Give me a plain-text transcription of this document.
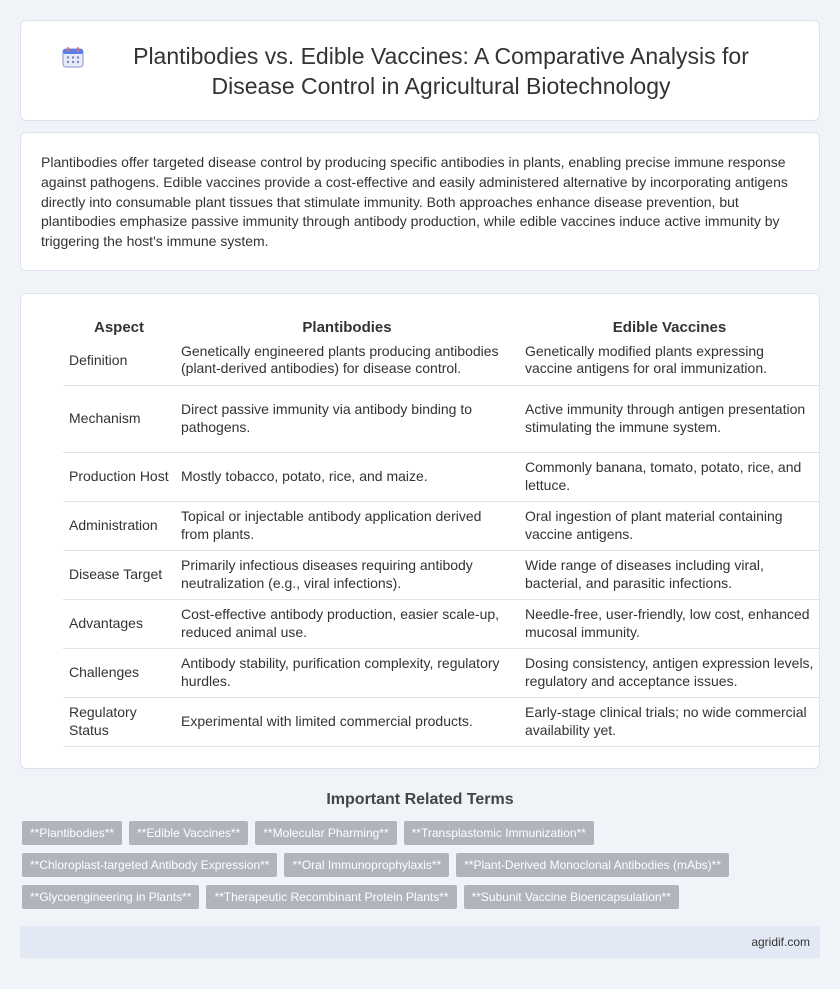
Plantibodies vs. Edible Vaccines: A Comparative Analysis for Disease Control in Agricultural Biotechnology

Plantibodies offer targeted disease control by producing specific antibodies in plants, enabling precise immune response against pathogens. Edible vaccines provide a cost-effective and easily administered alternative by incorporating antigens directly into consumable plant tissues that stimulate immunity. Both approaches enhance disease prevention, but plantibodies emphasize passive immunity through antibody production, while edible vaccines induce active immunity by triggering the host's immune system.

Aspect	Plantibodies	Edible Vaccines
Definition	Genetically engineered plants producing antibodies (plant-derived antibodies) for disease control.	Genetically modified plants expressing vaccine antigens for oral immunization.
Mechanism	Direct passive immunity via antibody binding to pathogens.	Active immunity through antigen presentation stimulating the immune system.
Production Host	Mostly tobacco, potato, rice, and maize.	Commonly banana, tomato, potato, rice, and lettuce.
Administration	Topical or injectable antibody application derived from plants.	Oral ingestion of plant material containing vaccine antigens.
Disease Target	Primarily infectious diseases requiring antibody neutralization (e.g., viral infections).	Wide range of diseases including viral, bacterial, and parasitic infections.
Advantages	Cost-effective antibody production, easier scale-up, reduced animal use.	Needle-free, user-friendly, low cost, enhanced mucosal immunity.
Challenges	Antibody stability, purification complexity, regulatory hurdles.	Dosing consistency, antigen expression levels, regulatory and acceptance issues.
Regulatory Status	Experimental with limited commercial products.	Early-stage clinical trials; no wide commercial availability yet.
Important Related Terms
**Plantibodies**	**Edible Vaccines**	**Molecular Pharming**	**Transplastomic Immunization**
**Chloroplast-targeted Antibody Expression**	**Oral Immunoprophylaxis**	**Plant-Derived Monoclonal Antibodies (mAbs)**
**Glycoengineering in Plants**	**Therapeutic Recombinant Protein Plants**	**Subunit Vaccine Bioencapsulation**
agridif.com
